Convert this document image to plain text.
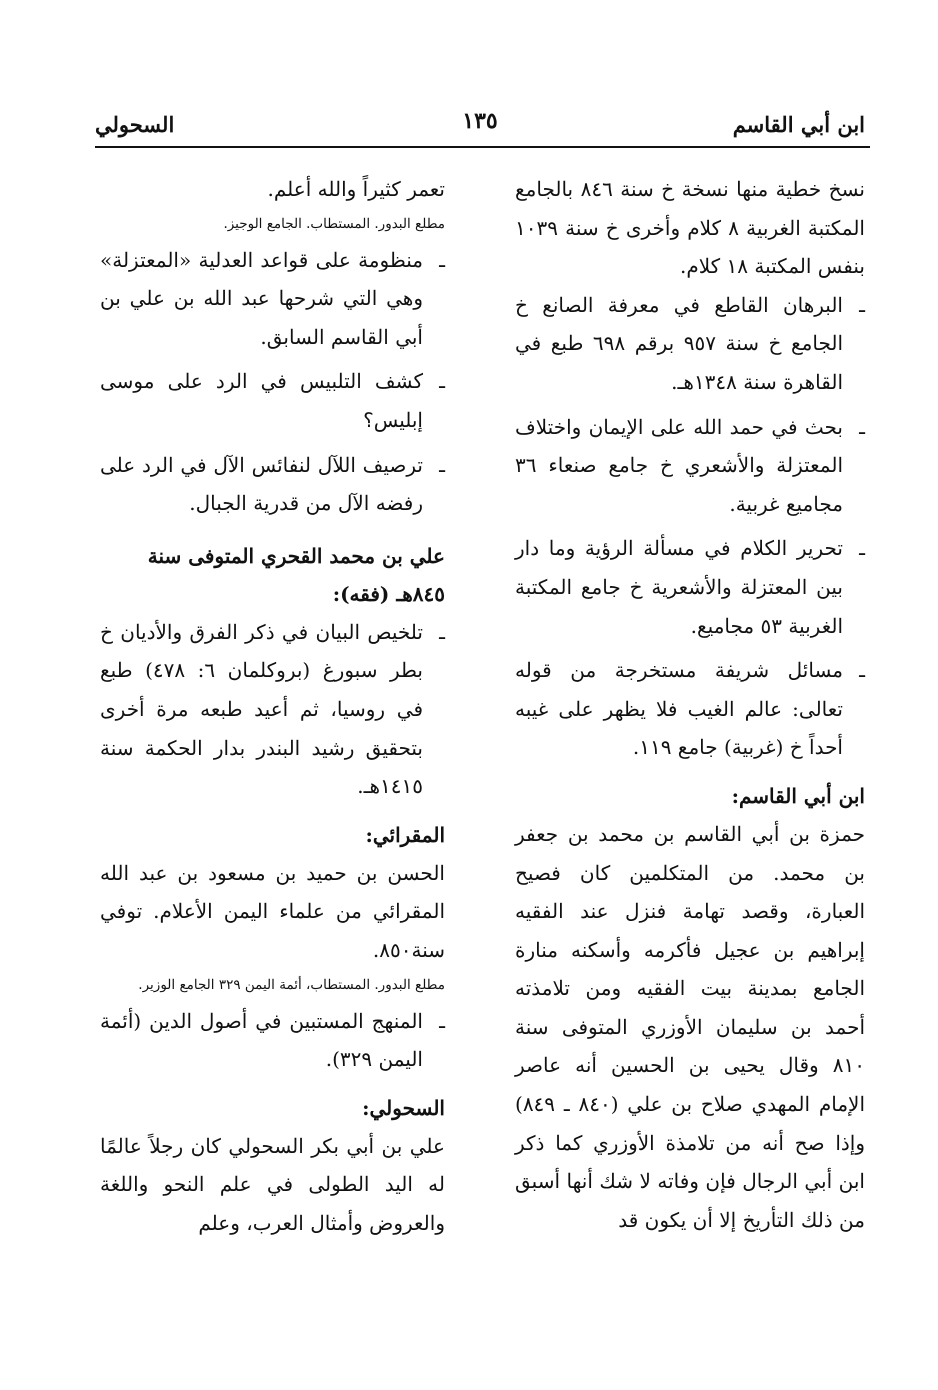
ابن أبي القاسم
١٣٥
السحولي

نسخ خطية منها نسخة خ سنة ٨٤٦ بالجامع المكتبة الغربية ٨ كلام وأخرى خ سنة ١٠٣٩ بنفس المكتبة ١٨ كلام.

ـ

البرهان القاطع في معرفة الصانع خ الجامع خ سنة ٩٥٧ برقم ٦٩٨ طبع في القاهرة سنة ١٣٤٨هـ.

ـ

بحث في حمد الله على الإيمان واختلاف المعتزلة والأشعري خ جامع صنعاء ٣٦ مجاميع غربية.

ـ

تحرير الكلام في مسألة الرؤية وما دار بين المعتزلة والأشعرية خ جامع المكتبة الغربية ٥٣ مجاميع.

ـ

مسائل شريفة مستخرجة من قوله تعالى: عالم الغيب فلا يظهر على غيبه أحداً خ (غربية) جامع ١١٩.

ابن أبي القاسم:

حمزة بن أبي القاسم بن محمد بن جعفر بن محمد. من المتكلمين كان فصيح العبارة، وقصد تهامة فنزل عند الفقيه إبراهيم بن عجيل فأكرمه وأسكنه منارة الجامع بمدينة بيت الفقيه ومن تلامذته أحمد بن سليمان الأوزري المتوفى سنة ٨١٠ وقال يحيى بن الحسين أنه عاصر الإمام المهدي صلاح بن علي (٨٤٠ ـ ٨٤٩) وإذا صح أنه من تلامذة الأوزري كما ذكر ابن أبي الرجال فإن وفاته لا شك أنها أسبق من ذلك التأريخ إلا أن يكون قد

تعمر كثيراً والله أعلم.

مطلع البدور. المستطاب. الجامع الوجيز.

ـ

منظومة على قواعد العدلية «المعتزلة» وهي التي شرحها عبد الله بن علي بن أبي القاسم السابق.

ـ

كشف التلبيس في الرد على موسى إبليس؟

ـ

ترصيف اللآل لنفائس الآل في الرد على رفضه الآل من قدرية الجبال.

علي بن محمد القحري المتوفى سنة ٨٤٥هـ (فقه):

ـ

تلخيص البيان في ذكر الفرق والأديان خ بطر سبورغ (بروكلمان ٦: ٤٧٨) طبع في روسيا، ثم أعيد طبعه مرة أخرى بتحقيق رشيد البندر بدار الحكمة سنة ١٤١٥هـ.

المقرائي:

الحسن بن حميد بن مسعود بن عبد الله المقرائي من علماء اليمن الأعلام. توفي سنة٨٥٠.

مطلع البدور. المستطاب، أئمة اليمن ٣٢٩ الجامع الوزير.

ـ

المنهج المستبين في أصول الدين (أئمة اليمن ٣٢٩).

السحولي:

علي بن أبي بكر السحولي كان رجلاً عالمًا له اليد الطولى في علم النحو واللغة والعروض وأمثال العرب، وعلم
